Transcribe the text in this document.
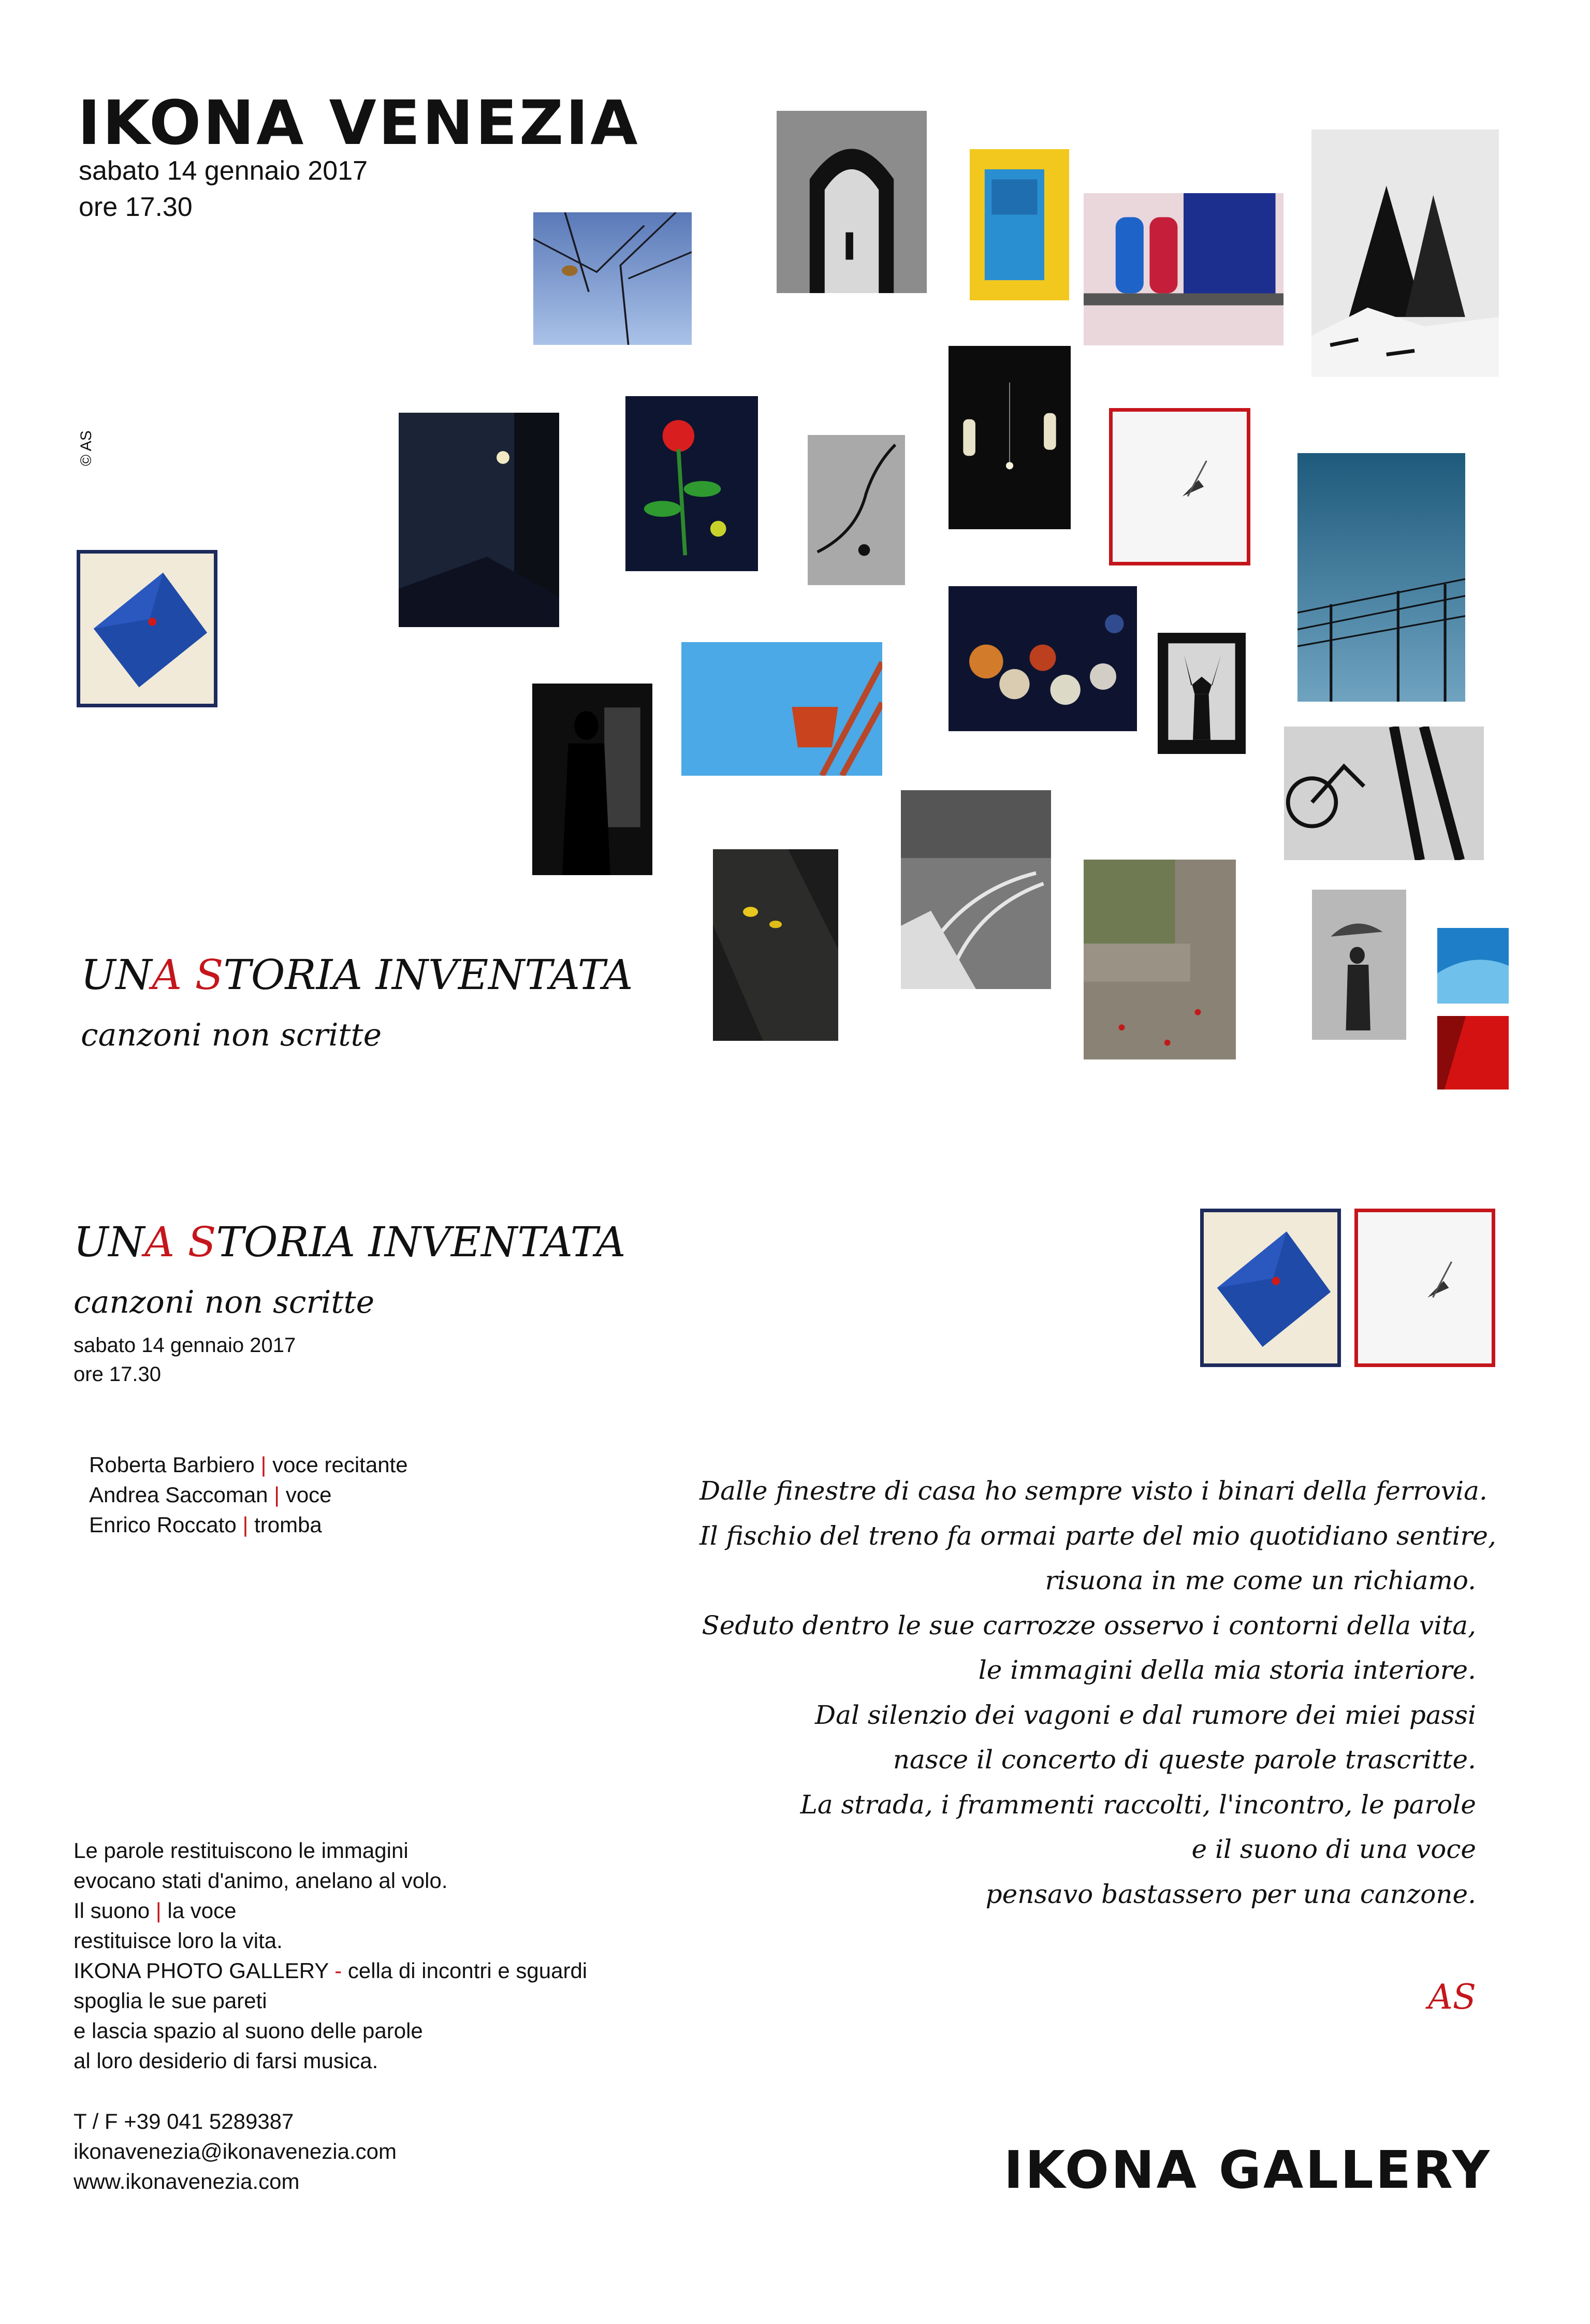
IKONA VENEZIA
sabato 14 gennaio 2017
ore 17.30
© AS
UNA STORIA INVENTATA
canzoni non scritte
UNA STORIA INVENTATA
canzoni non scritte
sabato 14 gennaio 2017
ore 17.30
Roberta Barbiero | voce recitante
Andrea Saccoman | voce
Enrico Roccato | tromba
Dalle finestre di casa ho sempre visto i binari della ferrovia.
Il fischio del treno fa ormai parte del mio quotidiano sentire,
risuona in me come un richiamo.
Seduto dentro le sue carrozze osservo i contorni della vita,
le immagini della mia storia interiore.
Dal silenzio dei vagoni e dal rumore dei miei passi
nasce il concerto di queste parole trascritte.
La strada, i frammenti raccolti, l'incontro, le parole
e il suono di una voce
pensavo bastassero per una canzone.
AS
Le parole restituiscono le immagini
evocano stati d'animo, anelano al volo.
Il suono | la voce
restituisce loro la vita.
IKONA PHOTO GALLERY - cella di incontri e sguardi
spoglia le sue pareti
e lascia spazio al suono delle parole
al loro desiderio di farsi musica.
T / F +39 041 5289387
ikonavenezia@ikonavenezia.com
www.ikonavenezia.com	IKONA GALLERY
